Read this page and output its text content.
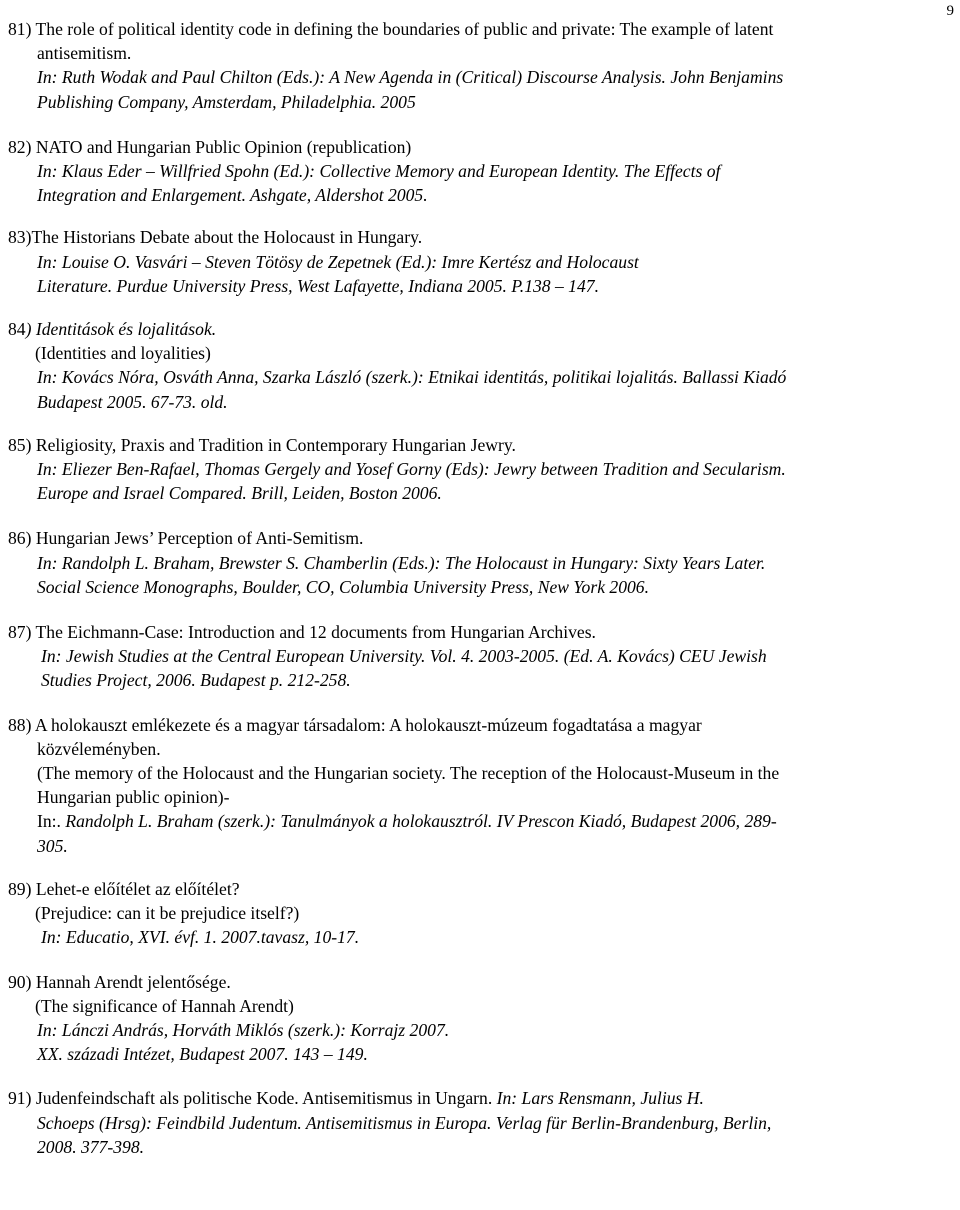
9
81) The role of political identity code in defining the boundaries of public and private: The example of latent
antisemitism.
In: Ruth Wodak and Paul Chilton (Eds.): A New Agenda in (Critical) Discourse Analysis. John Benjamins
Publishing Company, Amsterdam, Philadelphia. 2005
82) NATO and Hungarian Public Opinion (republication)
In: Klaus Eder – Willfried Spohn (Ed.): Collective Memory and European Identity. The Effects of
Integration and Enlargement. Ashgate, Aldershot 2005.
83)The Historians Debate about the Holocaust in Hungary.
In: Louise O. Vasvári – Steven Tötösy de Zepetnek (Ed.): Imre Kertész and Holocaust
Literature. Purdue University Press, West Lafayette, Indiana 2005. P.138 – 147.
84) Identitások és lojalitások.
(Identities and loyalities)
In: Kovács Nóra, Osváth Anna, Szarka László (szerk.): Etnikai identitás, politikai lojalitás. Ballassi Kiadó
Budapest 2005. 67-73. old.
85) Religiosity, Praxis and Tradition in Contemporary Hungarian Jewry.
In: Eliezer Ben-Rafael, Thomas Gergely and Yosef Gorny (Eds): Jewry between Tradition and Secularism.
Europe and Israel Compared. Brill, Leiden, Boston 2006.
86) Hungarian Jews’ Perception of Anti-Semitism.
In: Randolph L. Braham, Brewster S. Chamberlin (Eds.): The Holocaust in Hungary: Sixty Years Later.
Social Science Monographs, Boulder, CO, Columbia University Press, New York 2006.
87) The Eichmann-Case: Introduction and 12 documents from Hungarian Archives.
In: Jewish Studies at the Central European University. Vol. 4. 2003-2005. (Ed. A. Kovács) CEU Jewish
Studies Project, 2006. Budapest p. 212-258.
88) A holokauszt emlékezete és a magyar társadalom: A holokauszt-múzeum fogadtatása a magyar
közvéleményben.
(The memory of the Holocaust and the Hungarian society. The reception of the Holocaust-Museum in the
Hungarian public opinion)-
In:. Randolph L. Braham (szerk.): Tanulmányok a holokausztról. IV Prescon Kiadó, Budapest 2006, 289-
305.
89) Lehet-e előítélet az előítélet?
(Prejudice: can it be prejudice itself?)
In: Educatio, XVI. évf. 1. 2007.tavasz, 10-17.
90) Hannah Arendt jelentősége.
(The significance of Hannah Arendt)
In: Lánczi András, Horváth Miklós (szerk.): Korrajz 2007.
XX. századi Intézet, Budapest 2007. 143 – 149.
91) Judenfeindschaft als politische Kode. Antisemitismus in Ungarn. In: Lars Rensmann, Julius H.
Schoeps (Hrsg): Feindbild Judentum. Antisemitismus in Europa. Verlag für Berlin-Brandenburg, Berlin,
2008. 377-398.
